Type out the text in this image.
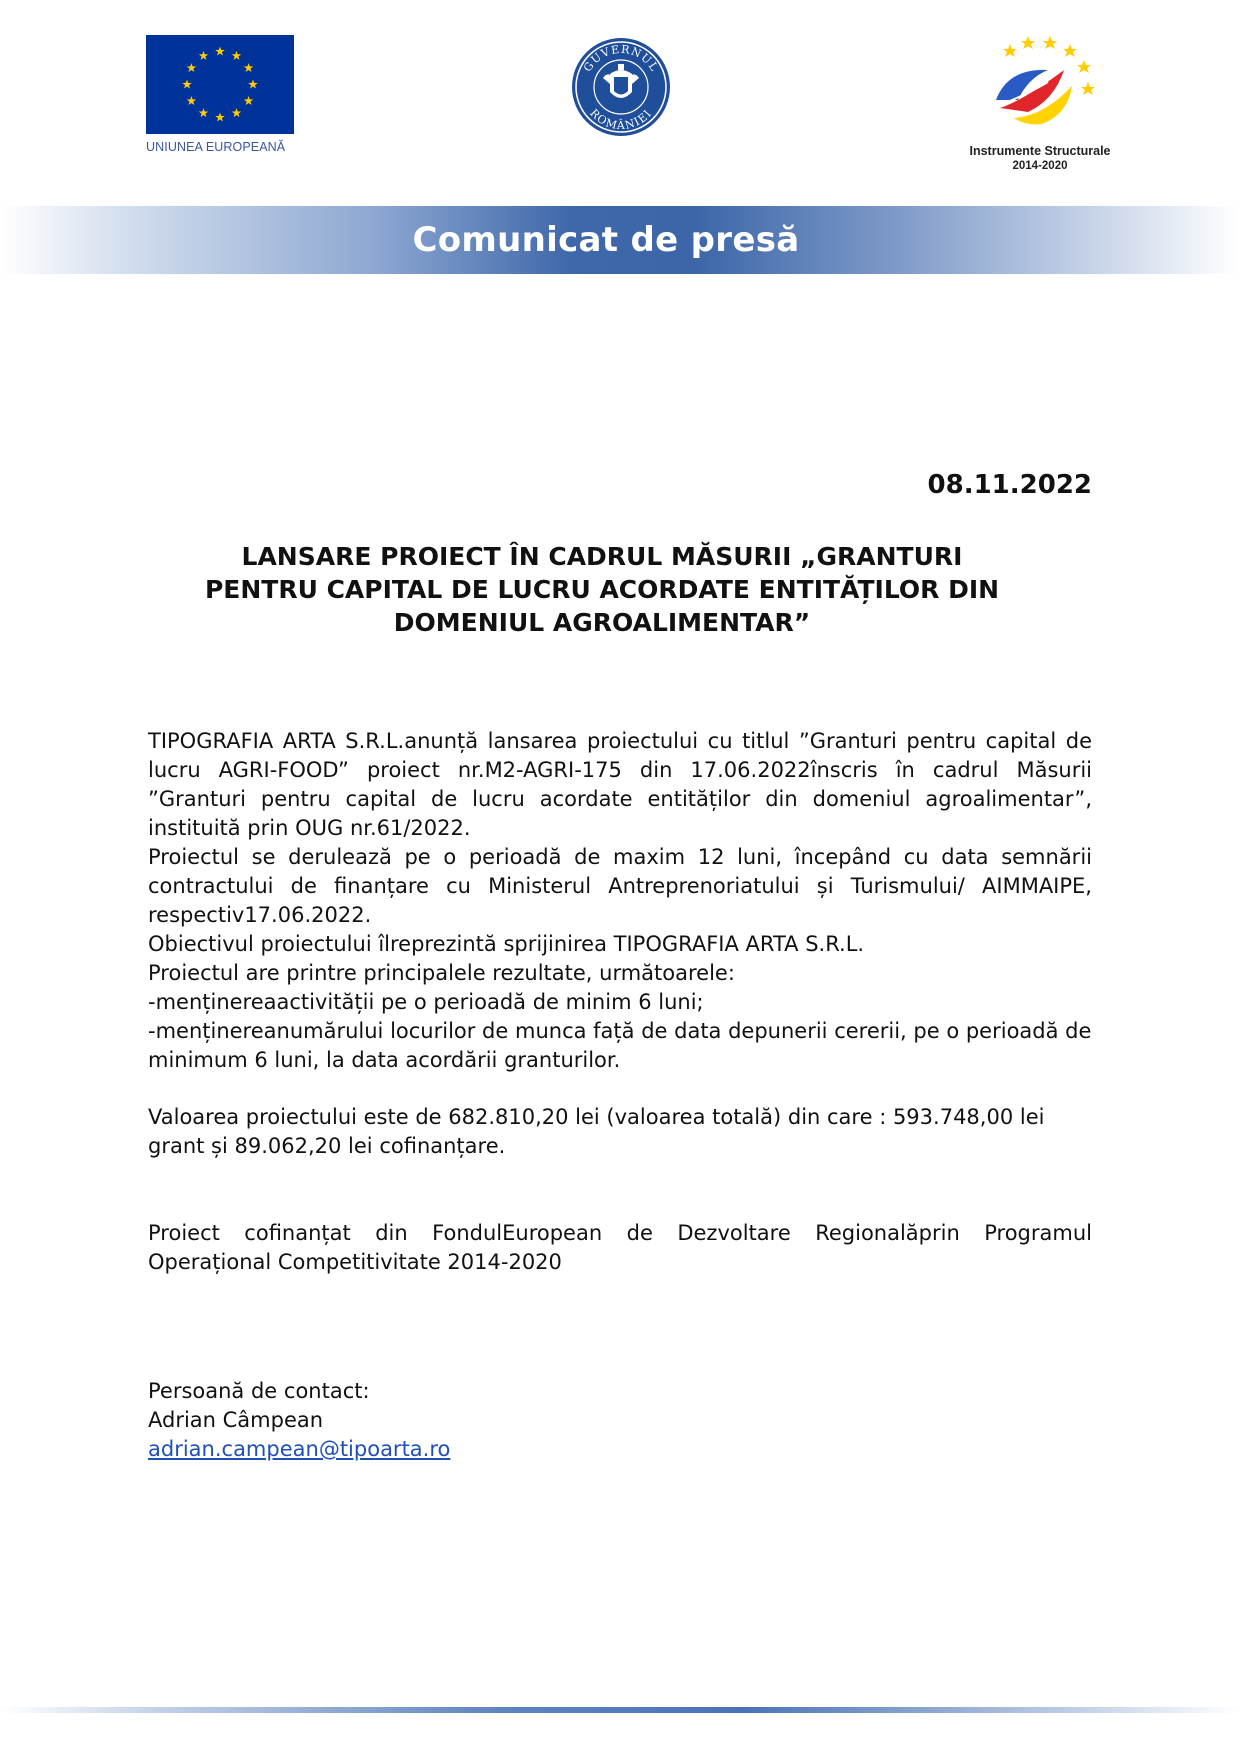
UNIUNEA EUROPEANĂ
GUVERNUL
ROMÂNIEI
Instrumente Structurale
2014-2020
Comunicat de presă
08.11.2022
LANSARE PROIECT ÎN CADRUL MĂSURII „GRANTURI
PENTRU CAPITAL DE LUCRU ACORDATE ENTITĂȚILOR DIN
DOMENIUL AGROALIMENTAR”

TIPOGRAFIA ARTA S.R.L.anunță lansarea proiectului cu titlul ”Granturi pentru capital de lucru AGRI-FOOD” proiect nr.M2-AGRI-175 din 17.06.2022înscris în cadrul Măsurii ”Granturi pentru capital de lucru acordate entităților din domeniul agroalimentar”, instituită prin OUG nr.61/2022.

Proiectul se derulează pe o perioadă de maxim 12 luni, începând cu data semnării contractului de finanțare cu Ministerul Antreprenoriatului și Turismului/ AIMMAIPE, respectiv17.06.2022.

Obiectivul proiectului îlreprezintă sprijinirea TIPOGRAFIA ARTA S.R.L.

Proiectul are printre principalele rezultate, următoarele:

-menținereaactivității pe o perioadă de minim 6 luni;

-menținereanumărului locurilor de munca față de data depunerii cererii, pe o perioadă de minimum 6 luni, la data acordării granturilor.

Valoarea proiectului este de 682.810,20 lei (valoarea totală) din care : 593.748,00 lei grant și 89.062,20 lei cofinanțare.

Proiect cofinanțat din FondulEuropean de Dezvoltare Regionalăprin Programul Operațional Competitivitate 2014-2020

Persoană de contact:

Adrian Câmpean

adrian.campean@tipoarta.ro
